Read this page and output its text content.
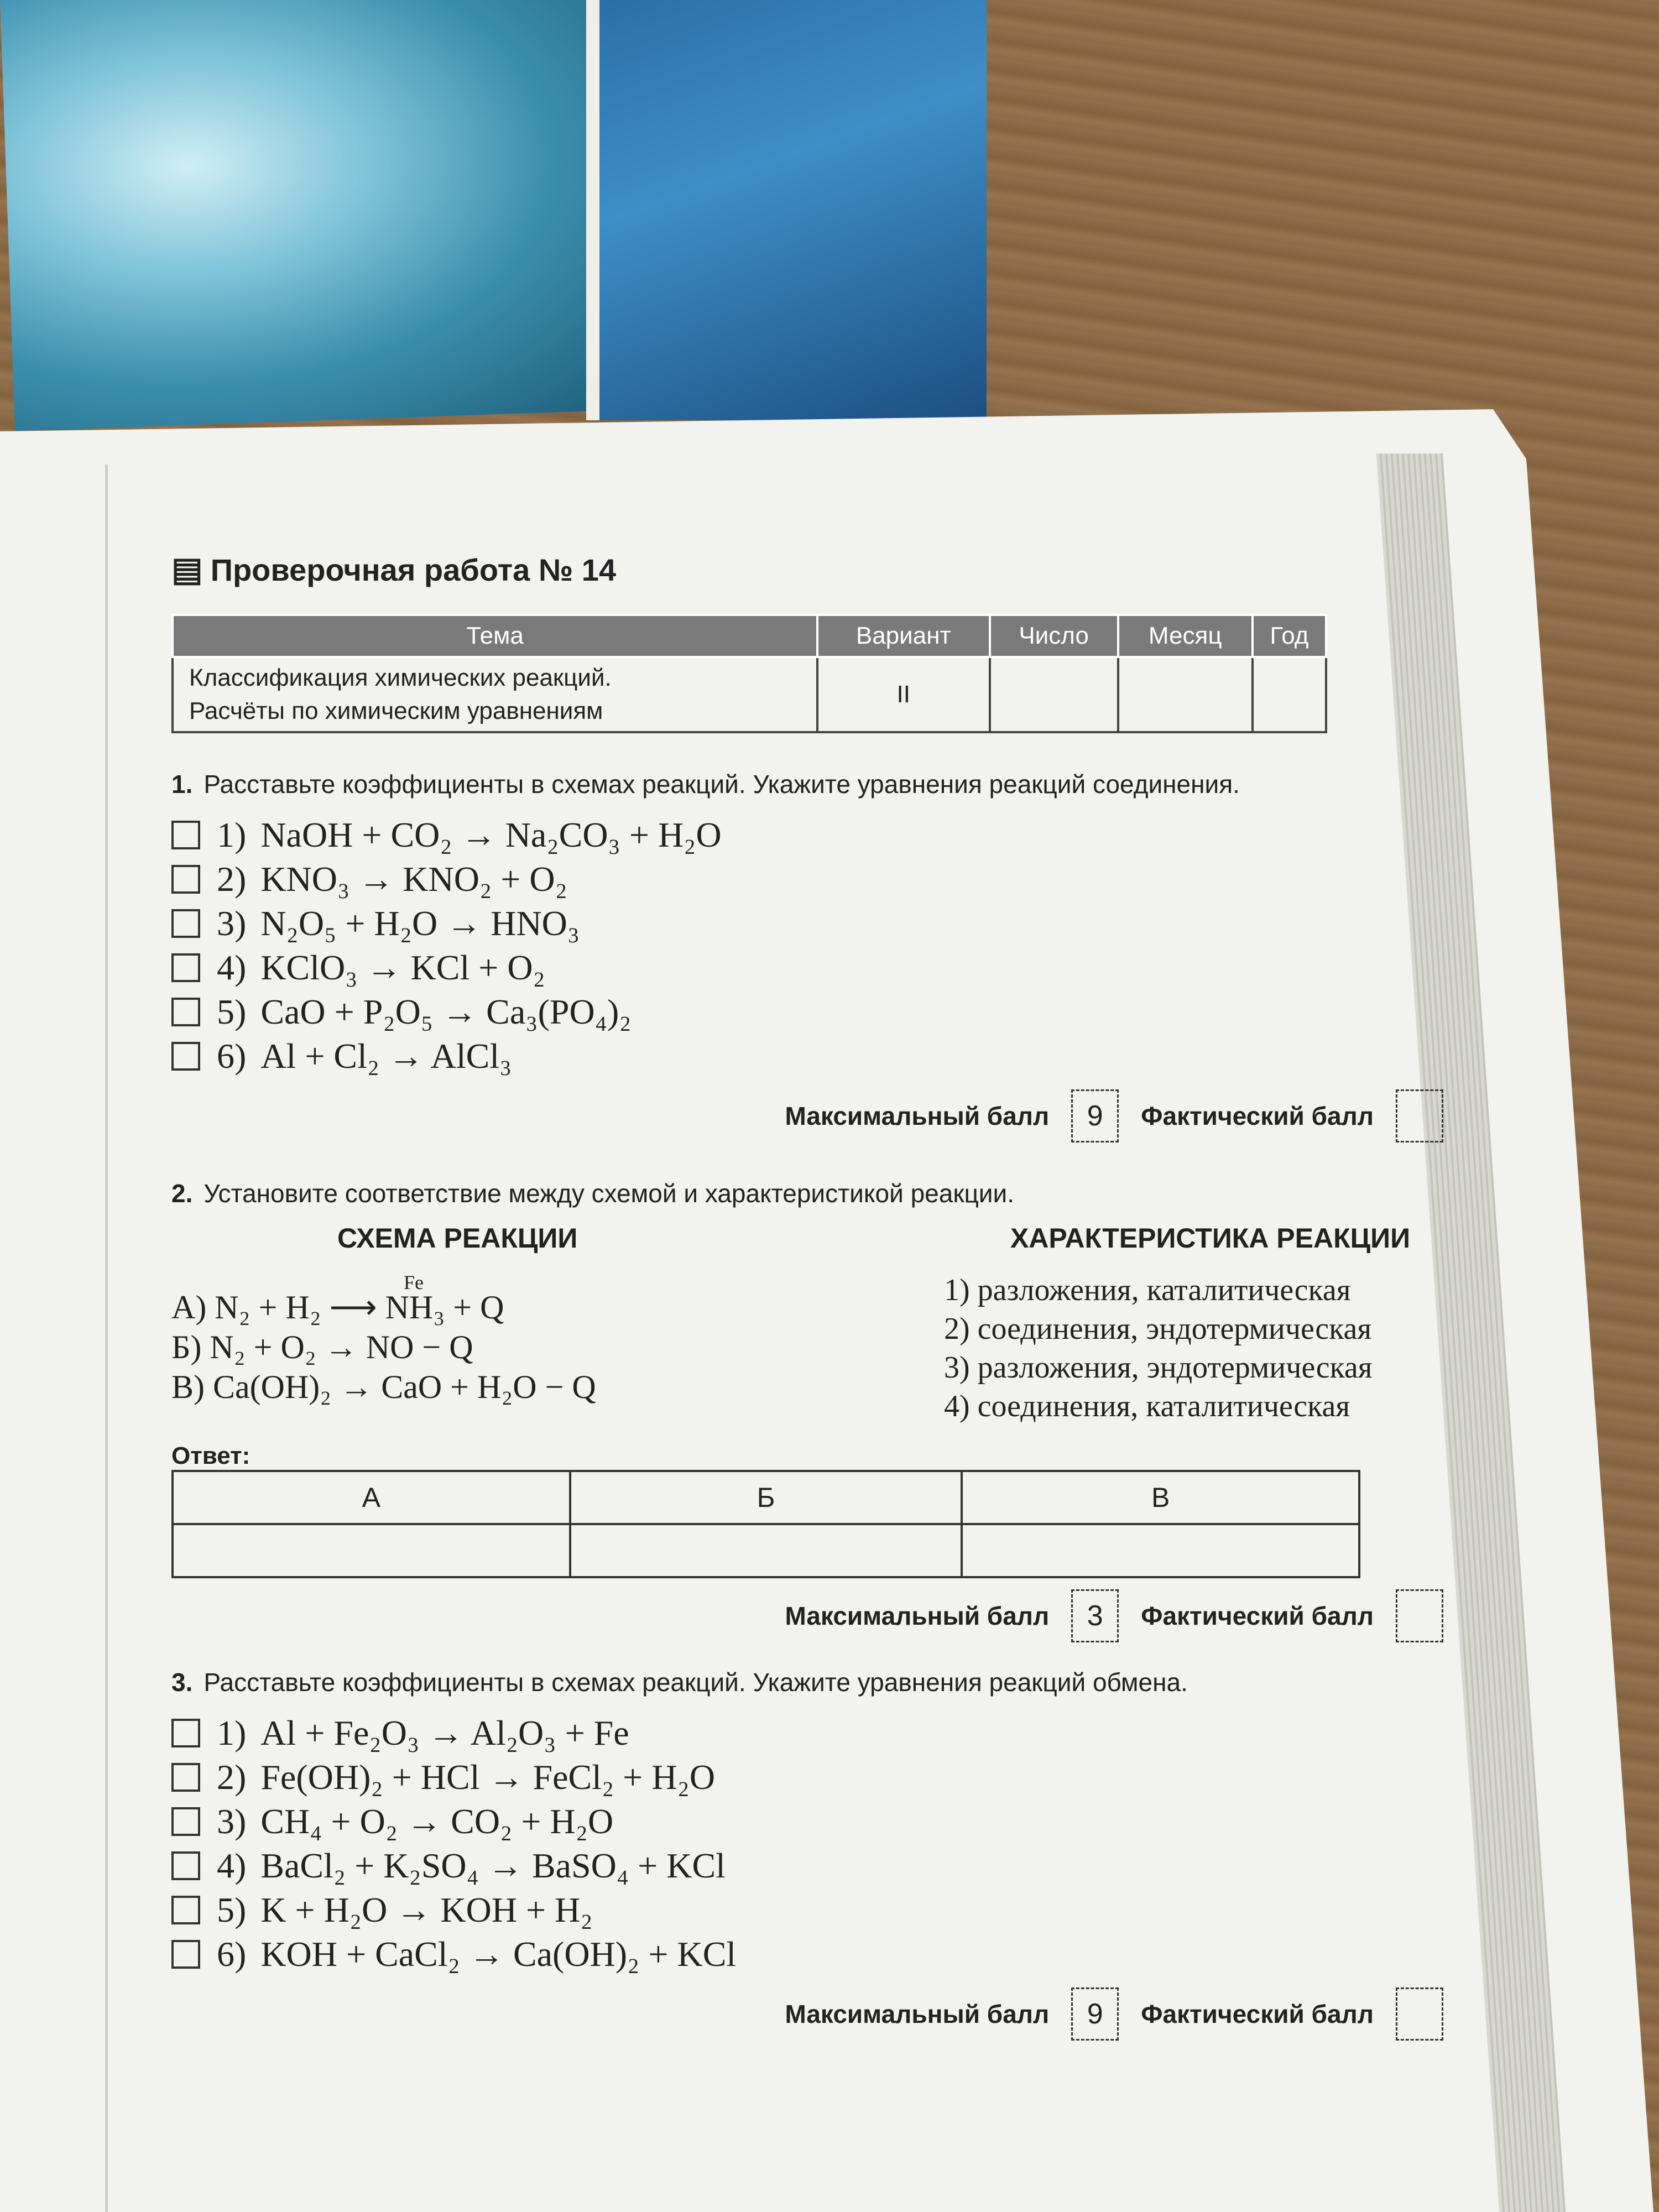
▤ Проверочная работа № 14
Тема	Вариант	Число	Месяц	Год

Классификация химических реакций.
Расчёты по химическим уравнениям	II			
1. Расставьте коэффициенты в схемах реакций. Укажите уравнения реакций соединения.
1) NaOH + CO₂ → Na₂CO₃ + H₂O
2) KNO₃ → KNO₂ + O₂
3) N₂O₅ + H₂O → HNO₃
4) KClO₃ → KCl + O₂
5) CaO + P₂O₅ → Ca₃(PO₄)₂
6) Al + Cl₂ → AlCl₃
Максимальный балл	9	Фактический балл
2. Установите соответствие между схемой и характеристикой реакции.
СХЕМА РЕАКЦИИ
Fe
А) N₂ + H₂ ⟶ NH₃ + Q
Б) N₂ + O₂ → NO − Q
В) Ca(OH)₂ → CaO + H₂O − Q
ХАРАКТЕРИСТИКА РЕАКЦИИ
1) разложения, каталитическая
2) соединения, эндотермическая
3) разложения, эндотермическая
4) соединения, каталитическая
Ответ:
А	Б	В

Максимальный балл	3	Фактический балл
3. Расставьте коэффициенты в схемах реакций. Укажите уравнения реакций обмена.
1) Al + Fe₂O₃ → Al₂O₃ + Fe
2) Fe(OH)₂ + HCl → FeCl₂ + H₂O
3) CH₄ + O₂ → CO₂ + H₂O
4) BaCl₂ + K₂SO₄ → BaSO₄ + KCl
5) K + H₂O → KOH + H₂
6) KOH + CaCl₂ → Ca(OH)₂ + KCl
Максимальный балл	9	Фактический балл
